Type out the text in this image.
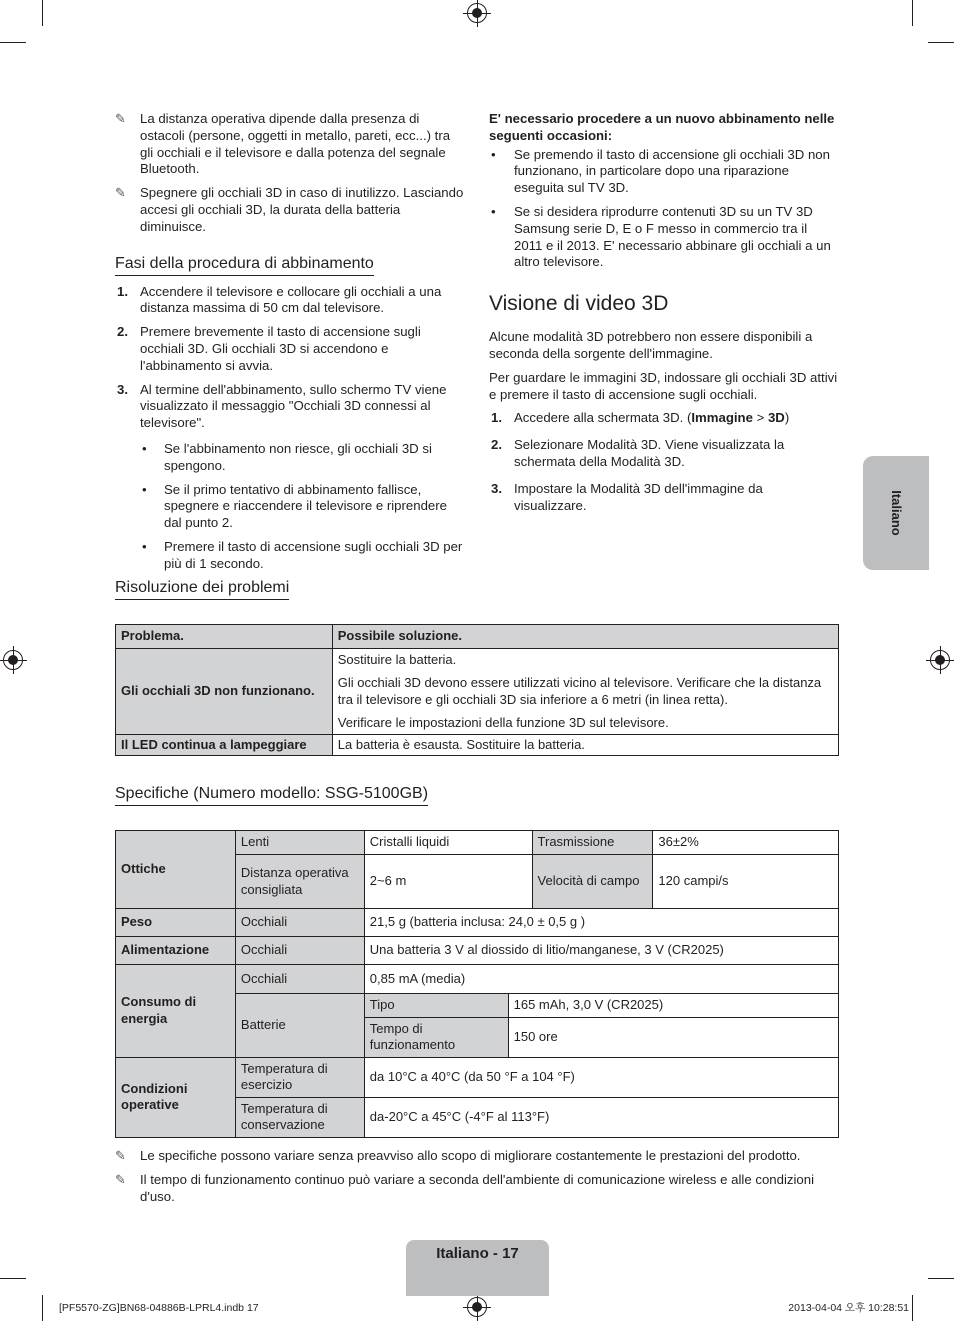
✎ La distanza operativa dipende dalla presenza di ostacoli (persone, oggetti in metallo, pareti, ecc...) tra gli occhiali e il televisore e dalla potenza del segnale Bluetooth.
✎ Spegnere gli occhiali 3D in caso di inutilizzo. Lasciando accesi gli occhiali 3D, la durata della batteria diminuisce.
Fasi della procedura di abbinamento
1. Accendere il televisore e collocare gli occhiali a una distanza massima di 50 cm dal televisore.
2. Premere brevemente il tasto di accensione sugli occhiali 3D. Gli occhiali 3D si accendono e l'abbinamento si avvia.
3. Al termine dell'abbinamento, sullo schermo TV viene visualizzato il messaggio "Occhiali 3D connessi al televisore".
• Se l'abbinamento non riesce, gli occhiali 3D si spengono.
• Se il primo tentativo di abbinamento fallisce, spegnere e riaccendere il televisore e riprendere dal punto 2.
• Premere il tasto di accensione sugli occhiali 3D per più di 1 secondo.
E' necessario procedere a un nuovo abbinamento nelle seguenti occasioni:
• Se premendo il tasto di accensione gli occhiali 3D non funzionano, in particolare dopo una riparazione eseguita sul TV 3D.
• Se si desidera riprodurre contenuti 3D su un TV 3D Samsung serie D, E o F messo in commercio tra il 2011 e il 2013. E' necessario abbinare gli occhiali a un altro televisore.
Visione di video 3D

Alcune modalità 3D potrebbero non essere disponibili a seconda della sorgente dell'immagine.

Per guardare le immagini 3D, indossare gli occhiali 3D attivi e premere il tasto di accensione sugli occhiali.

1. Accedere alla schermata 3D. (Immagine > 3D)
2. Selezionare Modalità 3D. Viene visualizzata la schermata della Modalità 3D.
3. Impostare la Modalità 3D dell'immagine da visualizzare.
Risoluzione dei problemi
Problema.	Possibile soluzione.
Gli occhiali 3D non funzionano.	Sostituire la batteria.
Gli occhiali 3D devono essere utilizzati vicino al televisore. Verificare che la distanza tra il televisore e gli occhiali 3D sia inferiore a 6 metri (in linea retta).
Verificare le impostazioni della funzione 3D sul televisore.

Il LED continua a lampeggiare	La batteria è esausta. Sostituire la batteria.
Specifiche (Numero modello: SSG-5100GB)
Ottiche	Lenti	Cristalli liquidi		Trasmissione	36±2%
	Distanza operativa consigliata	2~6 m		Velocità di campo	120 campi/s
Peso	Occhiali	21,5 g (batteria inclusa: 24,0 ± 0,5 g )			
Alimentazione	Occhiali	Una batteria 3 V al diossido di litio/manganese, 3 V (CR2025)			
Consumo di energia	Occhiali	0,85 mA (media)			
	Batterie	Tipo	165 mAh, 3,0 V (CR2025)		
		Tempo di funzionamento	150 ore		
Condizioni operative	Temperatura di esercizio	da 10°C a 40°C (da 50 °F a 104 °F)			
	Temperatura di conservazione	da-20°C a 45°C (-4°F al 113°F)			
✎ Le specifiche possono variare senza preavviso allo scopo di migliorare costantemente le prestazioni del prodotto.
✎ Il tempo di funzionamento continuo può variare a seconda dell'ambiente di comunicazione wireless e alle condizioni d'uso.
Italiano
Italiano - 17
[PF5570-ZG]BN68-04886B-LPRL4.indb 17	2013-04-04 오후 10:28:51
